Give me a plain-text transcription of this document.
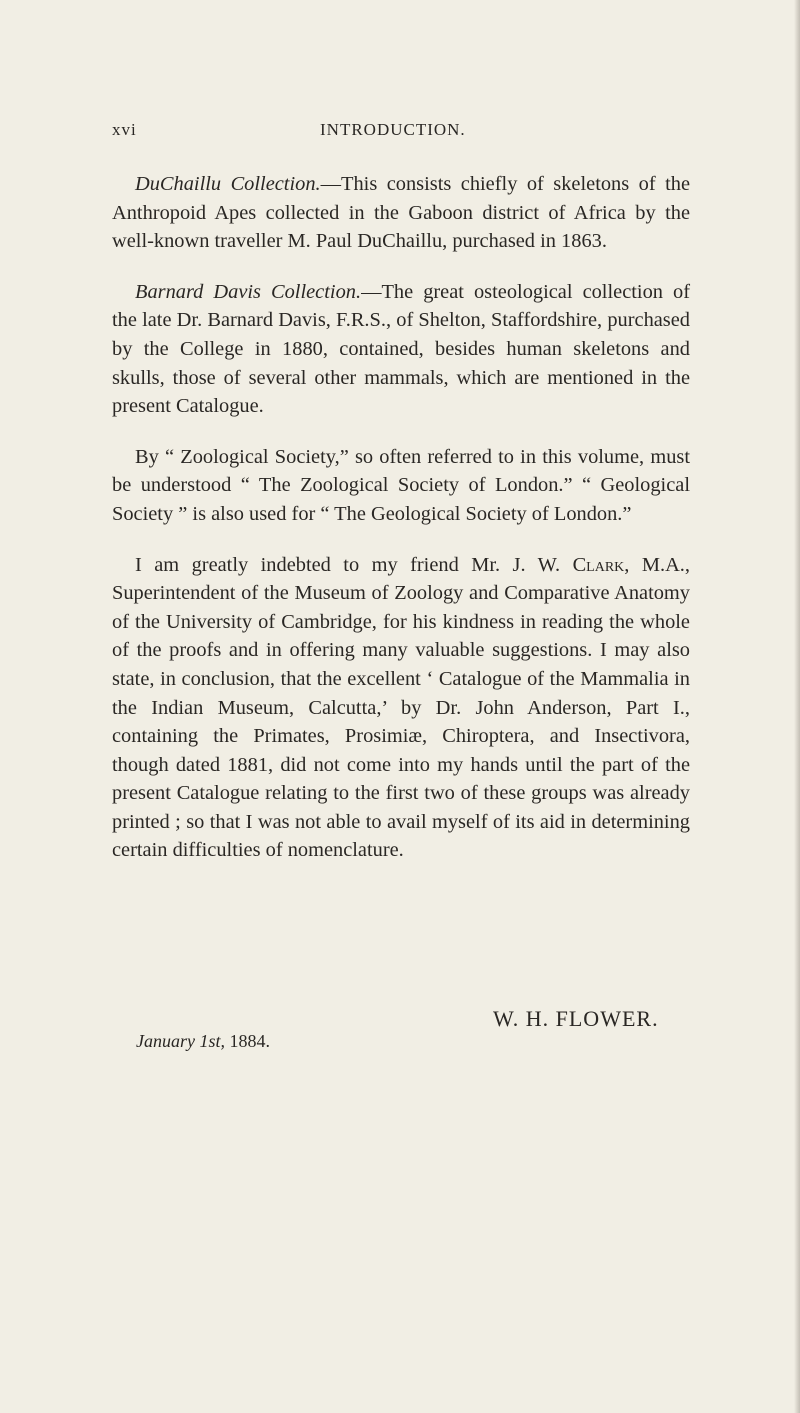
xvi	INTRODUCTION.

DuChaillu Collection.—This consists chiefly of skeletons of the Anthropoid Apes collected in the Gaboon district of Africa by the well-known traveller M. Paul DuChaillu, purchased in 1863.

Barnard Davis Collection.—The great osteological collection of the late Dr. Barnard Davis, F.R.S., of Shelton, Staffordshire, purchased by the College in 1880, contained, besides human skeletons and skulls, those of several other mammals, which are mentioned in the present Catalogue.

By “ Zoological Society,” so often referred to in this volume, must be understood “ The Zoological Society of London.” “ Geological Society ” is also used for “ The Geological Society of London.”

I am greatly indebted to my friend Mr. J. W. Clark, M.A., Superintendent of the Museum of Zoology and Comparative Anatomy of the University of Cambridge, for his kindness in reading the whole of the proofs and in offering many valuable suggestions. I may also state, in conclusion, that the excellent ‘ Catalogue of the Mammalia in the Indian Museum, Calcutta,’ by Dr. John Anderson, Part I., containing the Primates, Prosimiæ, Chiroptera, and Insectivora, though dated 1881, did not come into my hands until the part of the present Catalogue relating to the first two of these groups was already printed ; so that I was not able to avail myself of its aid in determining certain difficulties of nomenclature.

W. H. FLOWER.
January 1st, 1884.
